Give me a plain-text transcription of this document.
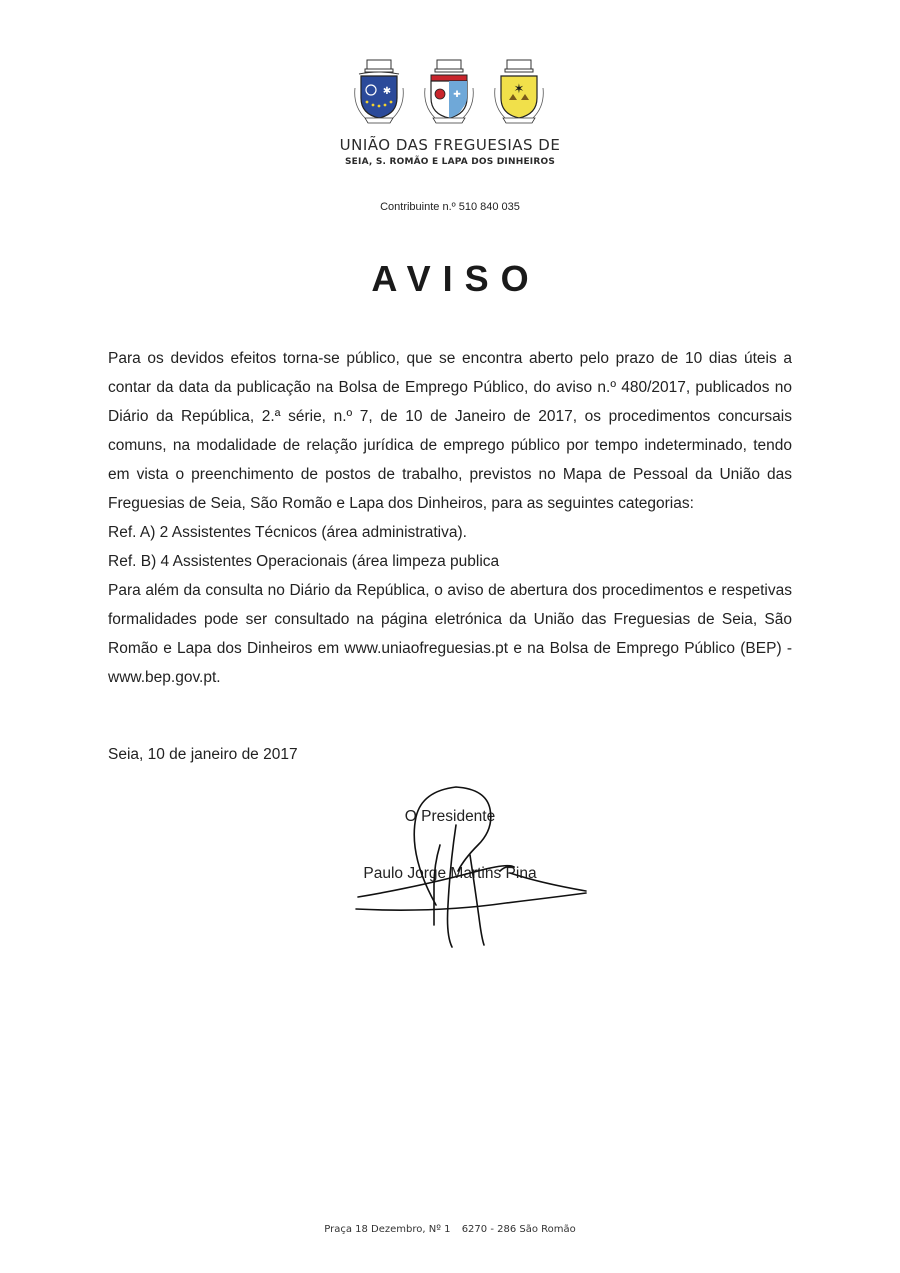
✱	✚	✶
UNIÃO DAS FREGUESIAS DE
SEIA, S. ROMÃO E LAPA DOS DINHEIROS
Contribuinte n.º 510 840 035
AVISO

Para os devidos efeitos torna-se público, que se encontra aberto pelo prazo de 10 dias úteis a contar da data da publicação na Bolsa de Emprego Público, do aviso n.º 480/2017, publicados no Diário da República, 2.ª série, n.º 7, de 10 de Janeiro de 2017, os procedimentos concursais comuns, na modalidade de relação jurídica de emprego público por tempo indeterminado, tendo em vista o preenchimento de postos de trabalho, previstos no Mapa de Pessoal da União das Freguesias de Seia, São Romão e Lapa dos Dinheiros, para as seguintes categorias:

Ref. A) 2 Assistentes Técnicos (área administrativa).

Ref. B) 4 Assistentes Operacionais (área limpeza publica

Para além da consulta no Diário da República, o aviso de abertura dos procedimentos e respetivas formalidades pode ser consultado na página eletrónica da União das Freguesias de Seia, São Romão e Lapa dos Dinheiros em www.uniaofreguesias.pt e na Bolsa de Emprego Público (BEP) - www.bep.gov.pt.

Seia, 10 de janeiro de 2017
O Presidente
Paulo Jorge Martins Pina
Praça 18 Dezembro, Nº 1 6270 - 286 São Romão
